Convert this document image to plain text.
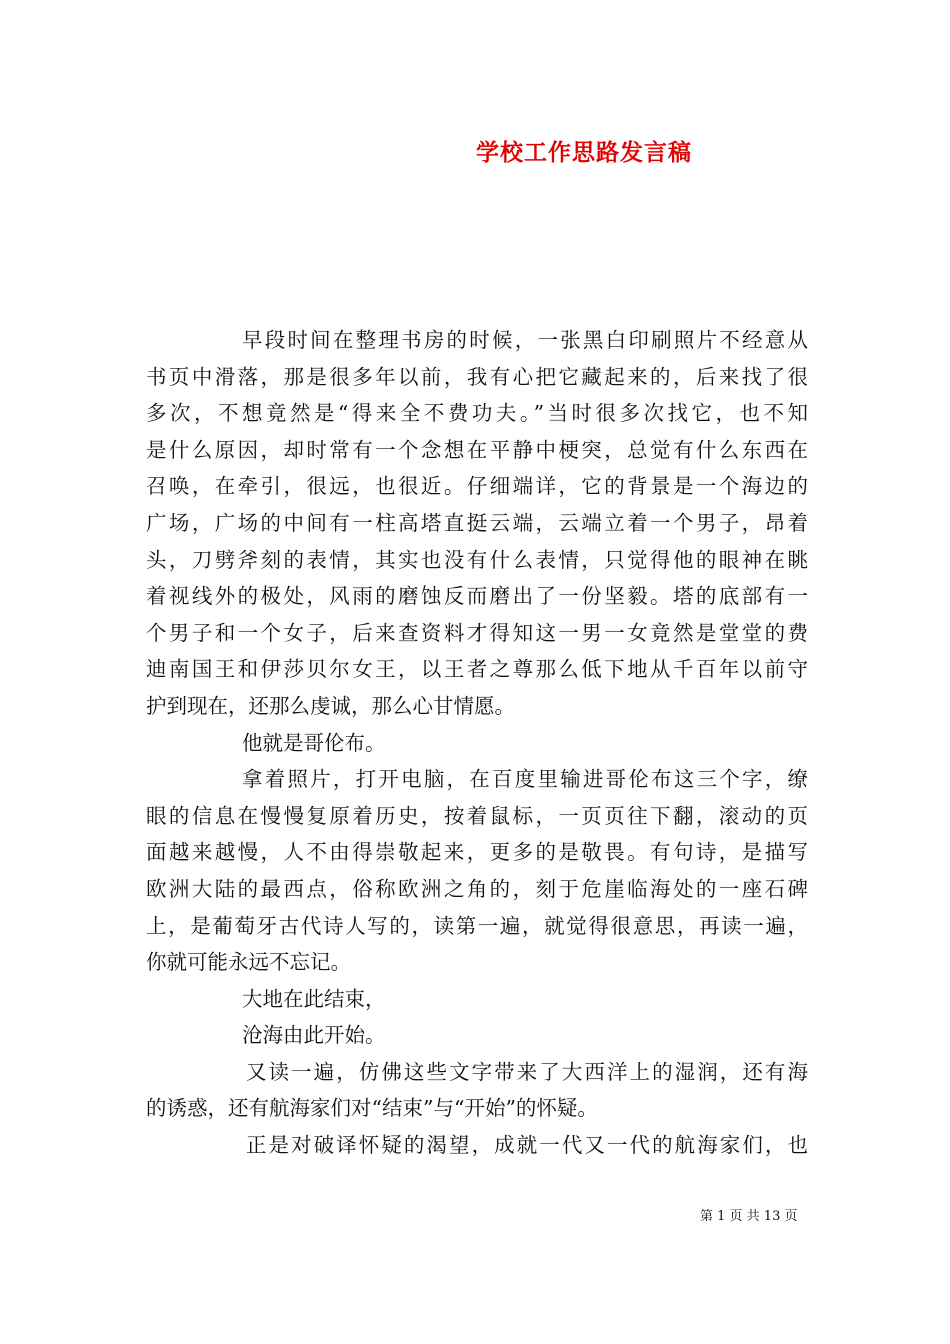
学校工作思路发言稿
早段时间在整理书房的时候，一张黑白印刷照片不经意从
书页中滑落，那是很多年以前，我有心把它藏起来的，后来找了很
多次，不想竟然是“得来全不费功夫。”当时很多次找它，也不知
是什么原因，却时常有一个念想在平静中梗突，总觉有什么东西在
召唤，在牵引，很远，也很近。仔细端详，它的背景是一个海边的
广场，广场的中间有一柱高塔直挺云端，云端立着一个男子，昂着
头，刀劈斧刻的表情，其实也没有什么表情，只觉得他的眼神在眺
着视线外的极处，风雨的磨蚀反而磨出了一份坚毅。塔的底部有一
个男子和一个女子，后来查资料才得知这一男一女竟然是堂堂的费
迪南国王和伊莎贝尔女王，以王者之尊那么低下地从千百年以前守
护到现在，还那么虔诚，那么心甘情愿。
他就是哥伦布。
拿着照片，打开电脑，在百度里输进哥伦布这三个字，缭
眼的信息在慢慢复原着历史，按着鼠标，一页页往下翻，滚动的页
面越来越慢，人不由得崇敬起来，更多的是敬畏。有句诗，是描写
欧洲大陆的最西点，俗称欧洲之角的，刻于危崖临海处的一座石碑
上，是葡萄牙古代诗人写的，读第一遍，就觉得很意思，再读一遍，
你就可能永远不忘记。
大地在此结束，
沧海由此开始。
又读一遍，仿佛这些文字带来了大西洋上的湿润，还有海
的诱惑，还有航海家们对“结束”与“开始”的怀疑。
正是对破译怀疑的渴望，成就一代又一代的航海家们，也
第 1 页 共 13 页
